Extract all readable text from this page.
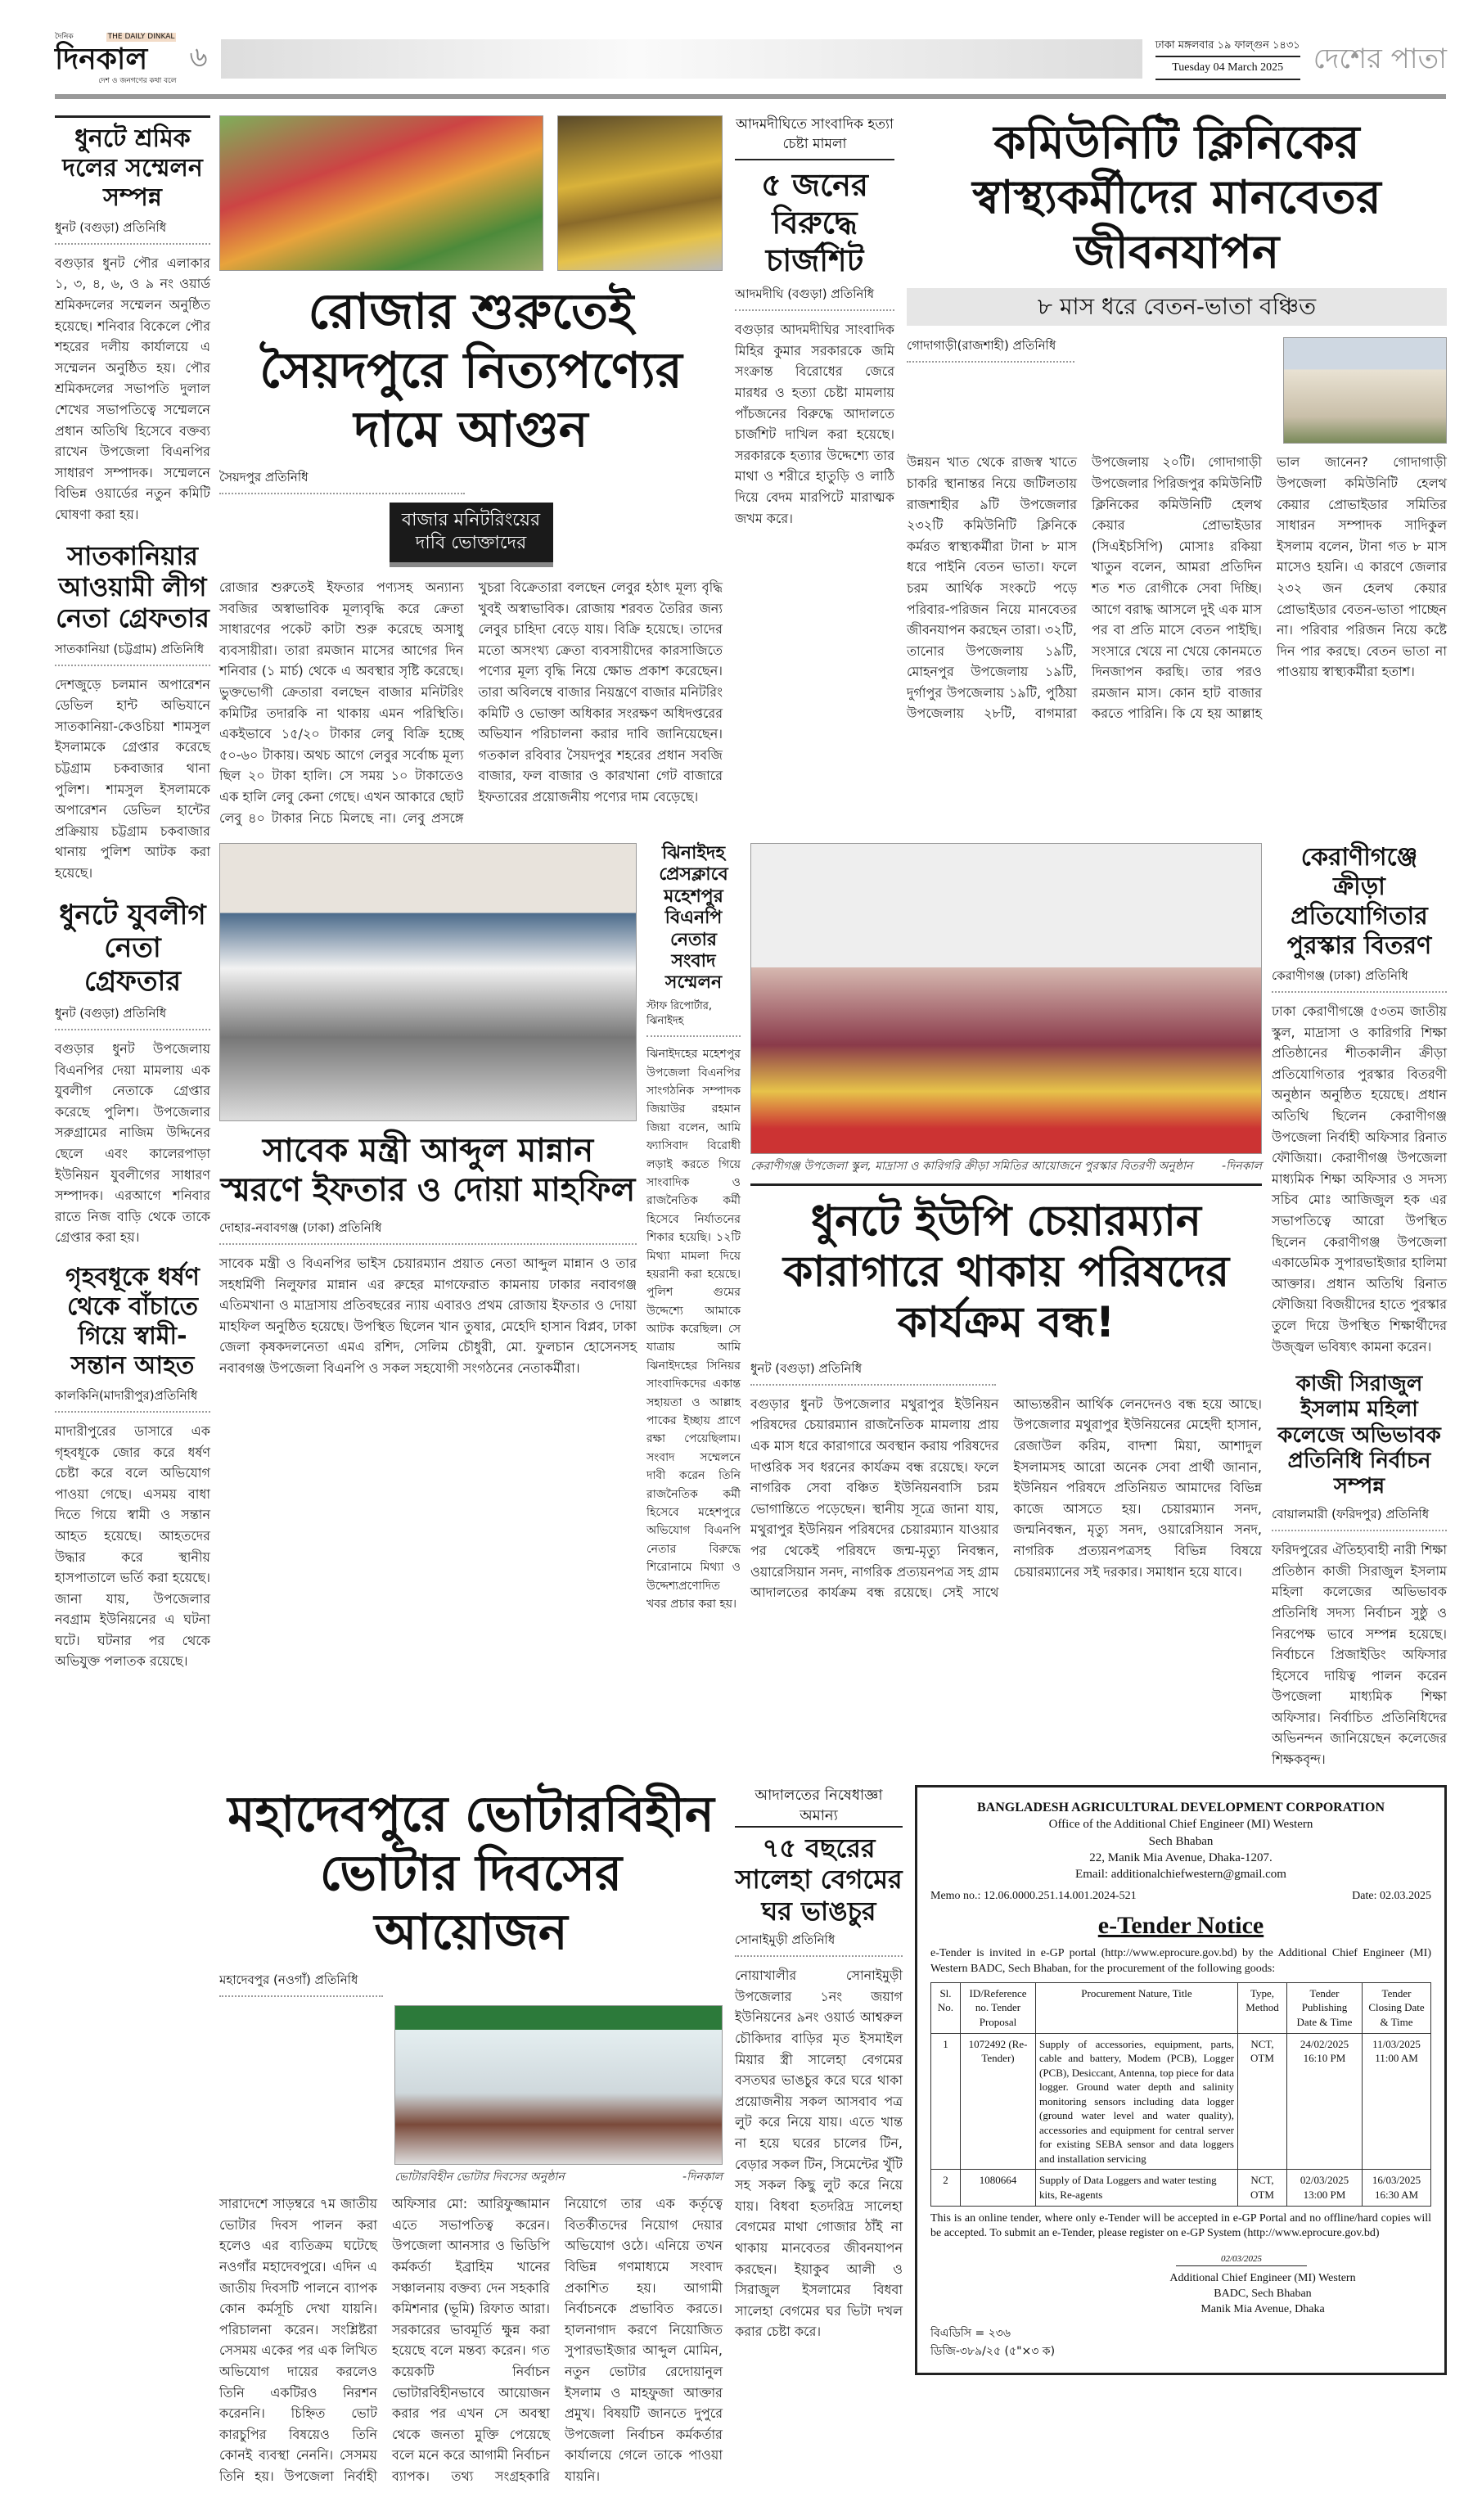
দৈনিক	THE DAILY DINKAL
দিনকাল
দেশ ও জনগণের কথা বলে
৬	ঢাকা মঙ্গলবার ১৯ ফাল্গুন ১৪৩১
Tuesday 04 March 2025	দেশের পাতা
ধুনটে শ্রমিক দলের সম্মেলন সম্পন্ন
ধুনট (বগুড়া) প্রতিনিধি
বগুড়ার ধুনট পৌর এলাকার ১, ৩, ৪, ৬, ও ৯ নং ওয়ার্ড শ্রমিকদলের সম্মেলন অনুষ্ঠিত হয়েছে। শনিবার বিকেলে পৌর শহরের দলীয় কার্যালয়ে এ সম্মেলন অনুষ্ঠিত হয়। পৌর শ্রমিকদলের সভাপতি দুলাল শেখের সভাপতিত্বে সম্মেলনে প্রধান অতিথি হিসেবে বক্তব্য রাখেন উপজেলা বিএনপির সাধারণ সম্পাদক। সম্মেলনে বিভিন্ন ওয়ার্ডের নতুন কমিটি ঘোষণা করা হয়।
সাতকানিয়ার আওয়ামী লীগ নেতা গ্রেফতার
সাতকানিয়া (চট্টগ্রাম) প্রতিনিধি
দেশজুড়ে চলমান অপারেশন ডেভিল হান্ট অভিযানে সাতকানিয়া-কেওচিয়া শামসুল ইসলামকে গ্রেপ্তার করেছে চট্টগ্রাম চকবাজার থানা পুলিশ। শামসুল ইসলামকে অপারেশন ডেভিল হান্টের প্রক্রিয়ায় চট্টগ্রাম চকবাজার থানায় পুলিশ আটক করা হয়েছে।
ধুনটে যুবলীগ নেতা গ্রেফতার
ধুনট (বগুড়া) প্রতিনিধি
বগুড়ার ধুনট উপজেলায় বিএনপির দেয়া মামলায় এক যুবলীগ নেতাকে গ্রেপ্তার করেছে পুলিশ। উপজেলার সরুগ্রামের নাজিম উদ্দিনের ছেলে এবং কালেরপাড়া ইউনিয়ন যুবলীগের সাধারণ সম্পাদক। এরআগে শনিবার রাতে নিজ বাড়ি থেকে তাকে গ্রেপ্তার করা হয়।
গৃহবধূকে ধর্ষণ থেকে বাঁচাতে গিয়ে স্বামী-সন্তান আহত
কালকিনি(মাদারীপুর)প্রতিনিধি
মাদারীপুরের ডাসারে এক গৃহবধূকে জোর করে ধর্ষণ চেষ্টা করে বলে অভিযোগ পাওয়া গেছে। এসময় বাধা দিতে গিয়ে স্বামী ও সন্তান আহত হয়েছে। আহতদের উদ্ধার করে স্থানীয় হাসপাতালে ভর্তি করা হয়েছে। জানা যায়, উপজেলার নবগ্রাম ইউনিয়নের এ ঘটনা ঘটে। ঘটনার পর থেকে অভিযুক্ত পলাতক রয়েছে।
রোজার শুরুতেই সৈয়দপুরে নিত্যপণ্যের দামে আগুন
সৈয়দপুর প্রতিনিধি
বাজার মনিটরিংয়ের দাবি ভোক্তাদের
রোজার শুরুতেই ইফতার পণ্যসহ অন্যান্য সবজির অস্বাভাবিক মূল্যবৃদ্ধি করে ক্রেতা সাধারণের পকেট কাটা শুরু করেছে অসাধু ব্যবসায়ীরা। তারা রমজান মাসের আগের দিন শনিবার (১ মার্চ) থেকে এ অবস্থার সৃষ্টি করেছে। ভুক্তভোগী ক্রেতারা বলছেন বাজার মনিটরিং কমিটির তদারকি না থাকায় এমন পরিস্থিতি। একইভাবে ১৫/২০ টাকার লেবু বিক্রি হচ্ছে ৫০-৬০ টাকায়। অথচ আগে লেবুর সর্বোচ্চ মূল্য ছিল ২০ টাকা হালি। সে সময় ১০ টাকাতেও এক হালি লেবু কেনা গেছে। এখন আকারে ছোট লেবু ৪০ টাকার নিচে মিলছে না। লেবু প্রসঙ্গে খুচরা বিক্রেতারা বলছেন লেবুর হঠাৎ মূল্য বৃদ্ধি খুবই অস্বাভাবিক। রোজায় শরবত তৈরির জন্য লেবুর চাহিদা বেড়ে যায়। বিক্রি হয়েছে। তাদের মতো অসংখ্য ক্রেতা ব্যবসায়ীদের কারসাজিতে পণ্যের মূল্য বৃদ্ধি নিয়ে ক্ষোভ প্রকাশ করেছেন। তারা অবিলম্বে বাজার নিয়ন্ত্রণে বাজার মনিটরিং কমিটি ও ভোক্তা অধিকার সংরক্ষণ অধিদপ্তরের অভিযান পরিচালনা করার দাবি জানিয়েছেন। গতকাল রবিবার সৈয়দপুর শহরের প্রধান সবজি বাজার, ফল বাজার ও কারখানা গেট বাজারে ইফতারের প্রয়োজনীয় পণ্যের দাম বেড়েছে।
আদমদীঘিতে সাংবাদিক হত্যা চেষ্টা মামলা
৫ জনের বিরুদ্ধে চার্জশিট
আদমদীঘি (বগুড়া) প্রতিনিধি
বগুড়ার আদমদীঘির সাংবাদিক মিহির কুমার সরকারকে জমি সংক্রান্ত বিরোধের জেরে মারধর ও হত্যা চেষ্টা মামলায় পাঁচজনের বিরুদ্ধে আদালতে চার্জশিট দাখিল করা হয়েছে। সরকারকে হত্যার উদ্দেশ্যে তার মাথা ও শরীরে হাতুড়ি ও লাঠি দিয়ে বেদম মারপিটে মারাত্মক জখম করে।
কমিউনিটি ক্লিনিকের স্বাস্থ্যকর্মীদের মানবেতর জীবনযাপন
৮ মাস ধরে বেতন-ভাতা বঞ্চিত
গোদাগাড়ী(রাজশাহী) প্রতিনিধি
উন্নয়ন খাত থেকে রাজস্ব খাতে চাকরি স্থানান্তর নিয়ে জটিলতায় রাজশাহীর ৯টি উপজেলার ২৩২টি কমিউনিটি ক্লিনিকে কর্মরত স্বাস্থ্যকর্মীরা টানা ৮ মাস ধরে পাইনি বেতন ভাতা। ফলে চরম আর্থিক সংকটে পড়ে পরিবার-পরিজন নিয়ে মানবেতর জীবনযাপন করছেন তারা। ৩২টি, তানোর উপজেলায় ১৯টি, মোহনপুর উপজেলায় ১৯টি, দুর্গাপুর উপজেলায় ১৯টি, পুঠিয়া উপজেলায় ২৮টি, বাগমারা উপজেলায় ২০টি। গোদাগাড়ী উপজেলার পিরিজপুর কমিউনিটি ক্লিনিকের কমিউনিটি হেলথ কেয়ার প্রোভাইডার (সিএইচসিপি) মোসাঃ রকিয়া খাতুন বলেন, আমরা প্রতিদিন শত শত রোগীকে সেবা দিচ্ছি। আগে বরাদ্ধ আসলে দুই এক মাস পর বা প্রতি মাসে বেতন পাইছি। সংসারে খেয়ে না খেয়ে কোনমতে দিনজাপন করছি। তার পরও রমজান মাস। কোন হাট বাজার করতে পারিনি। কি যে হয় আল্লাহ ভাল জানেন? গোদাগাড়ী উপজেলা কমিউনিটি হেলথ কেয়ার প্রোভাইডার সমিতির সাধারন সম্পাদক সাদিকুল ইসলাম বলেন, টানা গত ৮ মাস মাসেও হয়নি। এ কারণে জেলার ২৩২ জন হেলথ কেয়ার প্রোভাইডার বেতন-ভাতা পাচ্ছেন না। পরিবার পরিজন নিয়ে কষ্টে দিন পার করছে। বেতন ভাতা না পাওয়ায় স্বাস্থ্যকর্মীরা হতাশ।
সাবেক মন্ত্রী আব্দুল মান্নান স্মরণে ইফতার ও দোয়া মাহফিল
দোহার-নবাবগঞ্জ (ঢাকা) প্রতিনিধি
সাবেক মন্ত্রী ও বিএনপির ভাইস চেয়ারম্যান প্রয়াত নেতা আব্দুল মান্নান ও তার সহধর্মিণী নিলুফার মান্নান এর রুহের মাগফেরাত কামনায় ঢাকার নবাবগঞ্জ এতিমখানা ও মাদ্রাসায় প্রতিবছরের ন্যায় এবারও প্রথম রোজায় ইফতার ও দোয়া মাহফিল অনুষ্ঠিত হয়েছে। উপস্থিত ছিলেন খান তুষার, মেহেদি হাসান বিপ্লব, ঢাকা জেলা কৃষকদলনেতা এমএ রশিদ, সেলিম চৌধুরী, মো. ফুলচান হোসেনসহ নবাবগঞ্জ উপজেলা বিএনপি ও সকল সহযোগী সংগঠনের নেতাকর্মীরা।
ঝিনাইদহ প্রেসক্লাবে মহেশপুর বিএনপি নেতার সংবাদ সম্মেলন
স্টাফ রিপোর্টার, ঝিনাইদহ
ঝিনাইদহের মহেশপুর উপজেলা বিএনপির সাংগঠনিক সম্পাদক জিয়াউর রহমান জিয়া বলেন, আমি ফ্যাসিবাদ বিরোধী লড়াই করতে গিয়ে সাংবাদিক ও রাজনৈতিক কর্মী হিসেবে নির্যাতনের শিকার হয়েছি। ১২টি মিথ্যা মামলা দিয়ে হয়রানী করা হয়েছে। পুলিশ গুমের উদ্দেশ্যে আমাকে আটক করেছিল। সে যাত্রায় আমি ঝিনাইদহের সিনিয়র সাংবাদিকদের একান্ত সহায়তা ও আল্লাহ পাকের ইচ্ছায় প্রাণে রক্ষা পেয়েছিলাম। সংবাদ সম্মেলনে দাবী করেন তিনি রাজনৈতিক কর্মী হিসেবে মহেশপুরে অভিযোগ বিএনপি নেতার বিরুদ্ধে শিরোনামে মিথ্যা ও উদ্দেশ্যপ্রণোদিত খবর প্রচার করা হয়।
কেরাণীগঞ্জ উপজেলা স্কুল, মাদ্রাসা ও কারিগরি ক্রীড়া সমিতির আয়োজনে পুরস্কার বিতরণী অনুষ্ঠান	-দিনকাল
ধুনটে ইউপি চেয়ারম্যান কারাগারে থাকায় পরিষদের কার্যক্রম বন্ধ!
ধুনট (বগুড়া) প্রতিনিধি
বগুড়ার ধুনট উপজেলার মথুরাপুর ইউনিয়ন পরিষদের চেয়ারম্যান রাজনৈতিক মামলায় প্রায় এক মাস ধরে কারাগারে অবস্থান করায় পরিষদের দাপ্তরিক সব ধরনের কার্যক্রম বন্ধ রয়েছে। ফলে নাগরিক সেবা বঞ্চিত ইউনিয়নবাসি চরম ভোগান্তিতে পড়েছেন। স্থানীয় সূত্রে জানা যায়, মথুরাপুর ইউনিয়ন পরিষদের চেয়ারম্যান যাওয়ার পর থেকেই পরিষদে জন্ম-মৃত্যু নিবন্ধন, ওয়ারেসিয়ান সনদ, নাগরিক প্রত্যয়নপত্র সহ গ্রাম আদালতের কার্যক্রম বন্ধ রয়েছে। সেই সাথে আভ্যন্তরীন আর্থিক লেনদেনও বন্ধ হয়ে আছে। উপজেলার মথুরাপুর ইউনিয়নের মেহেদী হাসান, রেজাউল করিম, বাদশা মিয়া, আশাদুল ইসলামসহ আরো অনেক সেবা প্রার্থী জানান, ইউনিয়ন পরিষদে প্রতিনিয়ত আমাদের বিভিন্ন কাজে আসতে হয়। চেয়ারম্যান সনদ, জন্মনিবন্ধন, মৃত্যু সনদ, ওয়ারেসিয়ান সনদ, নাগরিক প্রত্যয়নপত্রসহ বিভিন্ন বিষয়ে চেয়ারম্যানের সই দরকার। সমাধান হয়ে যাবে।
কেরাণীগঞ্জে ক্রীড়া প্রতিযোগিতার পুরস্কার বিতরণ
কেরাণীগঞ্জ (ঢাকা) প্রতিনিধি
ঢাকা কেরাণীগঞ্জে ৫৩তম জাতীয় স্কুল, মাদ্রাসা ও কারিগরি শিক্ষা প্রতিষ্ঠানের শীতকালীন ক্রীড়া প্রতিযোগিতার পুরস্কার বিতরণী অনুষ্ঠান অনুষ্ঠিত হয়েছে। প্রধান অতিথি ছিলেন কেরাণীগঞ্জ উপজেলা নির্বাহী অফিসার রিনাত ফৌজিয়া। কেরাণীগঞ্জ উপজেলা মাধ্যমিক শিক্ষা অফিসার ও সদস্য সচিব মোঃ আজিজুল হক এর সভাপতিত্বে আরো উপস্থিত ছিলেন কেরাণীগঞ্জ উপজেলা একাডেমিক সুপারভাইজার হালিমা আক্তার। প্রধান অতিথি রিনাত ফৌজিয়া বিজয়ীদের হাতে পুরস্কার তুলে দিয়ে উপস্থিত শিক্ষার্থীদের উজ্জ্বল ভবিষ্যৎ কামনা করেন।
কাজী সিরাজুল ইসলাম মহিলা কলেজে অভিভাবক প্রতিনিধি নির্বাচন সম্পন্ন
বোয়ালমারী (ফরিদপুর) প্রতিনিধি
ফরিদপুরের ঐতিহ্যবাহী নারী শিক্ষা প্রতিষ্ঠান কাজী সিরাজুল ইসলাম মহিলা কলেজের অভিভাবক প্রতিনিধি সদস্য নির্বাচন সুষ্ঠু ও নিরপেক্ষ ভাবে সম্পন্ন হয়েছে। নির্বাচনে প্রিজাইডিং অফিসার হিসেবে দায়িত্ব পালন করেন উপজেলা মাধ্যমিক শিক্ষা অফিসার। নির্বাচিত প্রতিনিধিদের অভিনন্দন জানিয়েছেন কলেজের শিক্ষকবৃন্দ।
মহাদেবপুরে ভোটারবিহীন ভোটার দিবসের আয়োজন
মহাদেবপুর (নওগাঁ) প্রতিনিধি
ভোটারবিহীন ভোটার দিবসের অনুষ্ঠান	-দিনকাল
সারাদেশে সাড়ম্বরে ৭ম জাতীয় ভোটার দিবস পালন করা হলেও এর ব্যতিক্রম ঘটেছে নওগাঁর মহাদেবপুরে। এদিন এ জাতীয় দিবসটি পালনে ব্যাপক কোন কর্মসূচি দেখা যায়নি। পরিচালনা করেন। সংশ্লিষ্টরা সেসময় একের পর এক লিখিত অভিযোগ দায়ের করলেও তিনি একটিরও নিরশন করেননি। চিহ্নিত ভোট কারচুপির বিষয়েও তিনি কোনই ব্যবস্থা নেননি। সেসময় তিনি হয়। উপজেলা নির্বাহী অফিসার মো: আরিফুজ্জামান এতে সভাপতিত্ব করেন। উপজেলা আনসার ও ভিডিপি কর্মকর্তা ইব্রাহিম খানের সঞ্চালনায় বক্তব্য দেন সহকারি কমিশনার (ভূমি) রিফাত আরা। সরকারের ভাবমূর্তি ক্ষুন্ন করা হয়েছে বলে মন্তব্য করেন। গত কয়েকটি নির্বাচন ভোটারবিহীনভাবে আয়োজন করার পর এখন সে অবস্থা থেকে জনতা মুক্তি পেয়েছে বলে মনে করে আগামী নির্বাচন ব্যাপক। তথ্য সংগ্রহকারি নিয়োগে তার এক কর্তৃত্বে বিতর্কীতদের নিয়োগ দেয়ার অভিযোগ ওঠে। এনিয়ে তখন বিভিন্ন গণমাধ্যমে সংবাদ প্রকাশিত হয়। আগামী নির্বাচনকে প্রভাবিত করতে। হালনাগাদ করণে নিয়োজিত সুপারভাইজার আব্দুল মোমিন, নতুন ভোটার রেদোয়ানুল ইসলাম ও মাহফুজা আক্তার প্রমুখ। বিষয়টি জানতে দুপুরে উপজেলা নির্বাচন কর্মকর্তার কার্যালয়ে গেলে তাকে পাওয়া যায়নি।
আদালতের নিষেধাজ্ঞা অমান্য
৭৫ বছরের সালেহা বেগমের ঘর ভাঙচুর
সোনাইমুড়ী প্রতিনিধি
নোয়াখালীর সোনাইমুড়ী উপজেলার ১নং জয়াগ ইউনিয়নের ৯নং ওয়ার্ড আশ্বরুল চৌকিদার বাড়ির মৃত ইসমাইল মিয়ার স্ত্রী সালেহা বেগমের বসতঘর ভাঙচুর করে ঘরে থাকা প্রয়োজনীয় সকল আসবাব পত্র লুট করে নিয়ে যায়। এতে খান্ত না হয়ে ঘরের চালের টিন, বেড়ার সকল টিন, সিমেন্টের খুঁটি সহ সকল কিছু লুট করে নিয়ে যায়। বিধবা হতদরিদ্র সালেহা বেগমের মাথা গোজার ঠাঁই না থাকায় মানবেতর জীবনযাপন করছেন। ইয়াকুব আলী ও সিরাজুল ইসলামের বিধবা সালেহা বেগমের ঘর ভিটা দখল করার চেষ্টা করে।
BANGLADESH AGRICULTURAL DEVELOPMENT CORPORATION
Office of the Additional Chief Engineer (MI) Western
Sech Bhaban
22, Manik Mia Avenue, Dhaka-1207.
Email: additionalchiefwestern@gmail.com
Memo no.: 12.06.0000.251.14.001.2024-521	Date: 02.03.2025
e-Tender Notice
e-Tender is invited in e-GP portal (http://www.eprocure.gov.bd) by the Additional Chief Engineer (MI) Western BADC, Sech Bhaban, for the procurement of the following goods:
Sl. No.	ID/Reference no. Tender Proposal	Procurement Nature, Title	Type, Method	Tender Publishing Date & Time	Tender Closing Date & Time
1	1072492 (Re-Tender)	Supply of accessories, equipment, parts, cable and battery, Modem (PCB), Logger (PCB), Desiccant, Antenna, top piece for data logger. Ground water depth and salinity monitoring sensors including data logger (ground water level and water quality), accessories and equipment for central server for existing SEBA sensor and data loggers and installation servicing	NCT, OTM	24/02/2025 16:10 PM	11/03/2025 11:00 AM
2	1080664	Supply of Data Loggers and water testing kits, Re-agents	NCT, OTM	02/03/2025 13:00 PM	16/03/2025 16:30 AM
This is an online tender, where only e-Tender will be accepted in e-GP Portal and no offline/hard copies will be accepted. To submit an e-Tender, please register on e-GP System (http://www.eprocure.gov.bd)
02/03/2025
Additional Chief Engineer (MI) Western
BADC, Sech Bhaban
Manik Mia Avenue, Dhaka
বিএডিসি = ২৩৬
ডিজি-৩৮৯/২৫ (৫"×৩ ক)
